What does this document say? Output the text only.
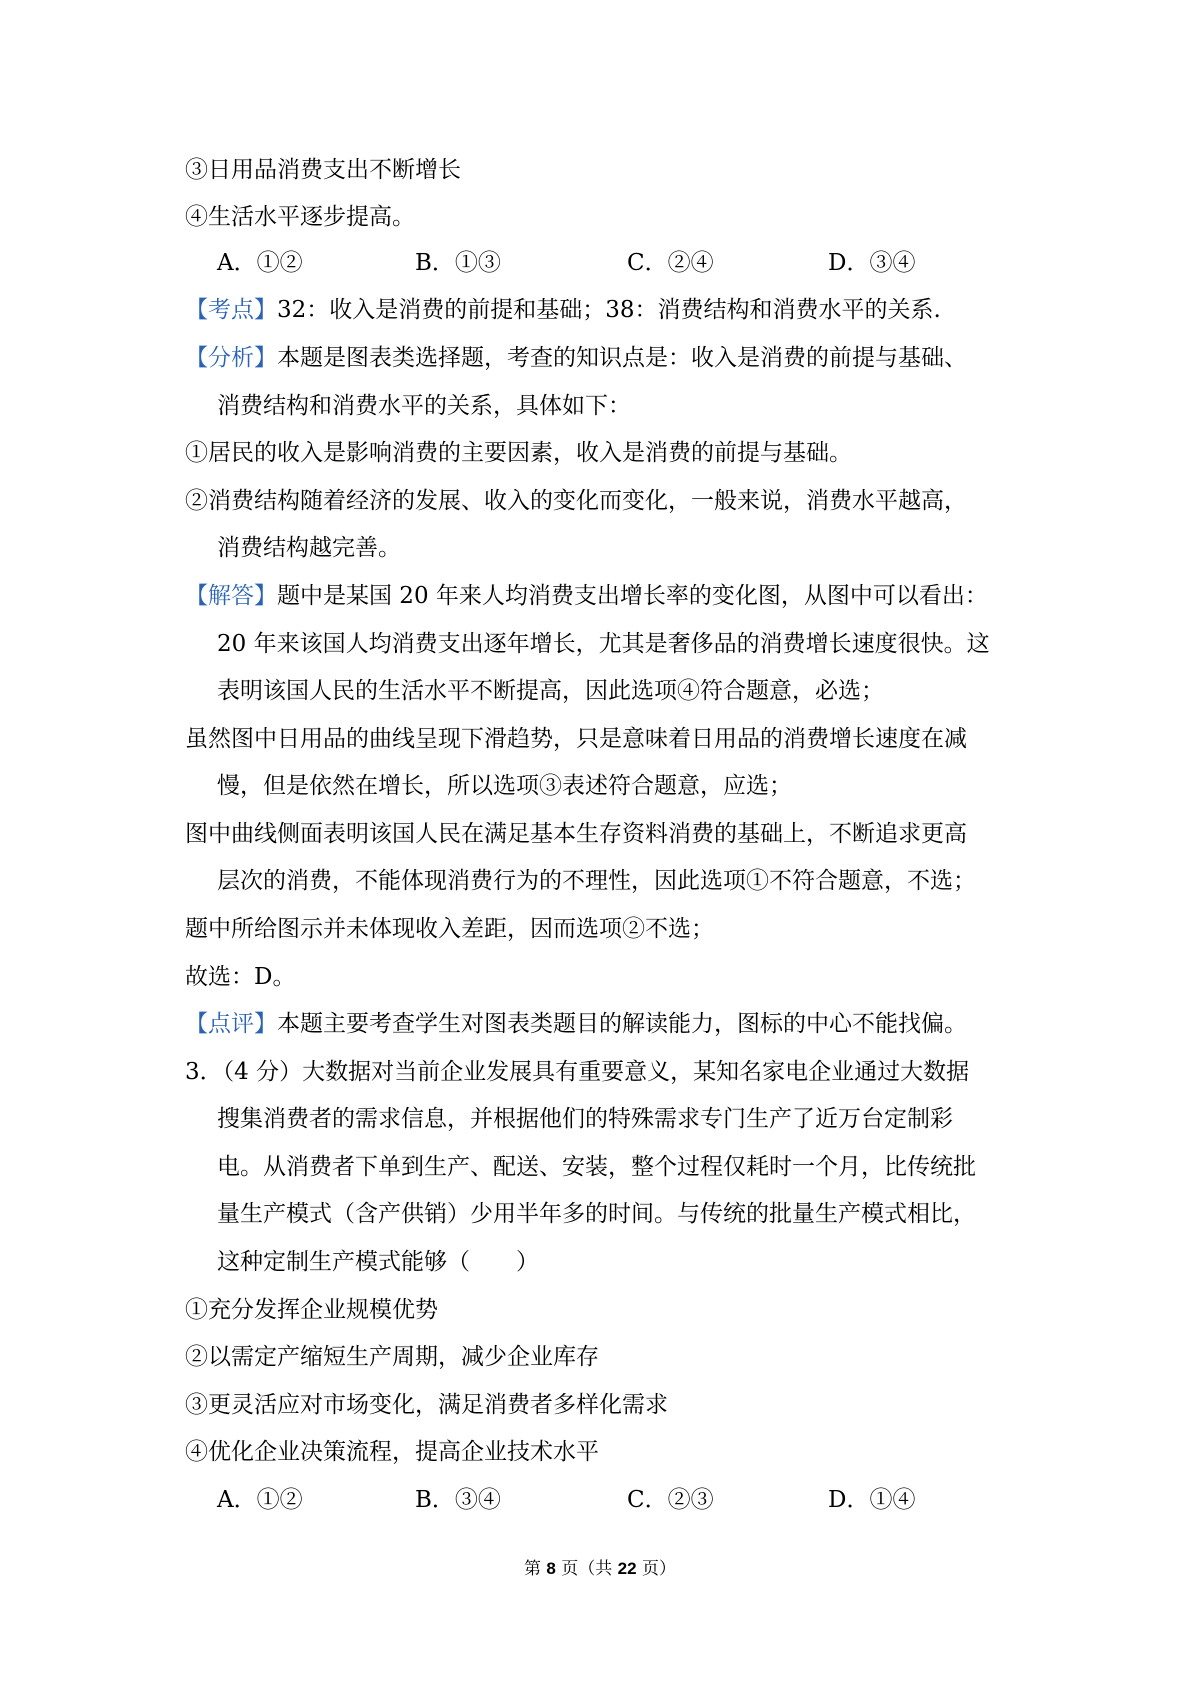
③日用品消费支出不断增长
④生活水平逐步提高。
A．①②	B．①③	C．②④	D．③④
【考点】32：收入是消费的前提和基础；38：消费结构和消费水平的关系.
【分析】本题是图表类选择题，考查的知识点是：收入是消费的前提与基础、
消费结构和消费水平的关系，具体如下：
①居民的收入是影响消费的主要因素，收入是消费的前提与基础。
②消费结构随着经济的发展、收入的变化而变化，一般来说，消费水平越高，
消费结构越完善。
【解答】题中是某国 20 年来人均消费支出增长率的变化图，从图中可以看出：
20 年来该国人均消费支出逐年增长，尤其是奢侈品的消费增长速度很快。这
表明该国人民的生活水平不断提高，因此选项④符合题意，必选；
虽然图中日用品的曲线呈现下滑趋势，只是意味着日用品的消费增长速度在减
慢，但是依然在增长，所以选项③表述符合题意，应选；
图中曲线侧面表明该国人民在满足基本生存资料消费的基础上，不断追求更高
层次的消费，不能体现消费行为的不理性，因此选项①不符合题意，不选；
题中所给图示并未体现收入差距，因而选项②不选；
故选：D。
【点评】本题主要考查学生对图表类题目的解读能力，图标的中心不能找偏。
3．（4 分）大数据对当前企业发展具有重要意义，某知名家电企业通过大数据
搜集消费者的需求信息，并根据他们的特殊需求专门生产了近万台定制彩
电。从消费者下单到生产、配送、安装，整个过程仅耗时一个月，比传统批
量生产模式（含产供销）少用半年多的时间。与传统的批量生产模式相比，
这种定制生产模式能够（　　）
①充分发挥企业规模优势
②以需定产缩短生产周期，减少企业库存
③更灵活应对市场变化，满足消费者多样化需求
④优化企业决策流程，提高企业技术水平
A．①②	B．③④	C．②③	D．①④
第 8 页（共 22 页）
